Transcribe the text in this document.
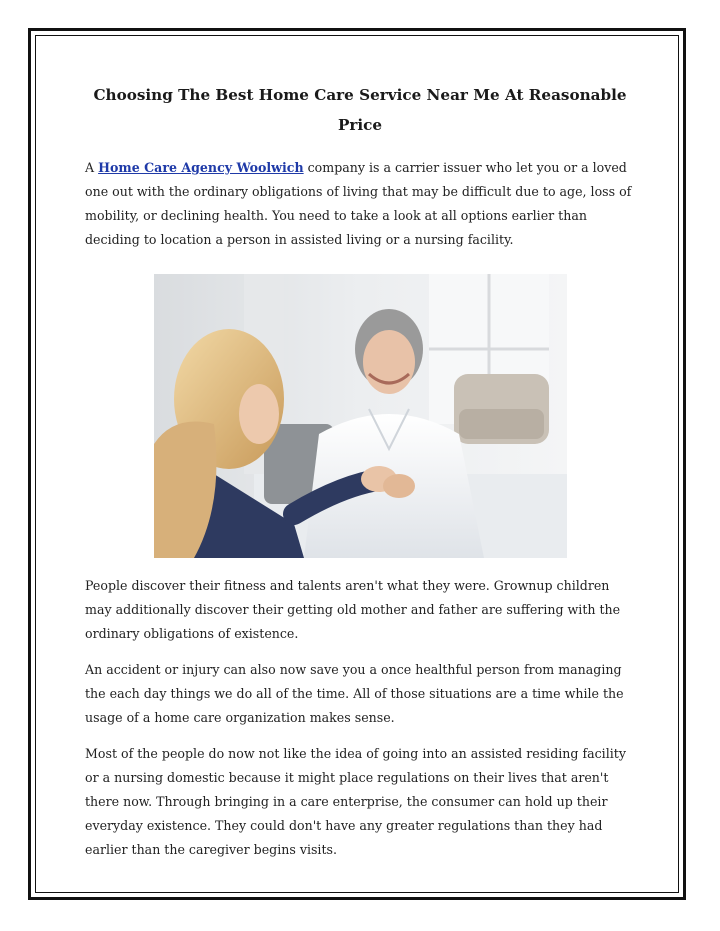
Choosing The Best Home Care Service Near Me At Reasonable Price

A Home Care Agency Woolwich company is a carrier issuer who let you or a loved one out with the ordinary obligations of living that may be difficult due to age, loss of mobility, or declining health. You need to take a look at all options earlier than deciding to location a person in assisted living or a nursing facility.

People discover their fitness and talents aren't what they were. Grownup children may additionally discover their getting old mother and father are suffering with the ordinary obligations of existence.

An accident or injury can also now save you a once healthful person from managing the each day things we do all of the time. All of those situations are a time while the usage of a home care organization makes sense.

Most of the people do now not like the idea of going into an assisted residing facility or a nursing domestic because it might place regulations on their lives that aren't there now. Through bringing in a care enterprise, the consumer can hold up their everyday existence. They could don't have any greater regulations than they had earlier than the caregiver begins visits.
